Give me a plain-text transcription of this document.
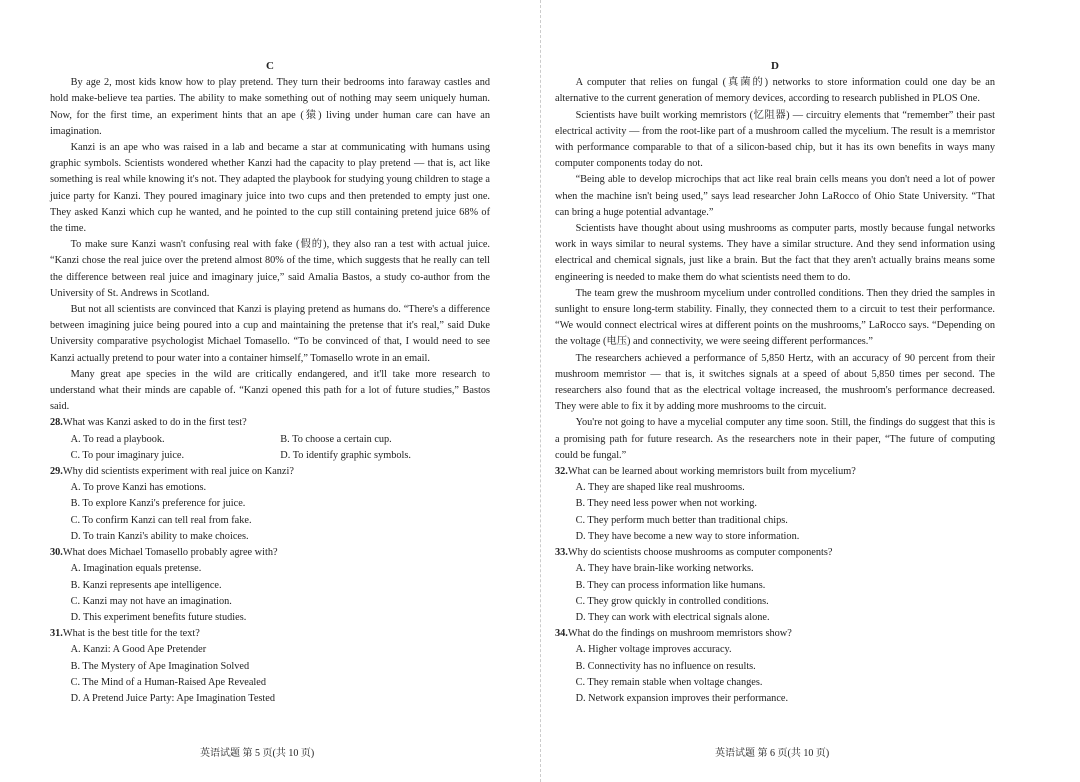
C

By age 2, most kids know how to play pretend. They turn their bedrooms into faraway castles and hold make-believe tea parties. The ability to make something out of nothing may seem uniquely human. Now, for the first time, an experiment hints that an ape (猿) living under human care can have an imagination.

Kanzi is an ape who was raised in a lab and became a star at communicating with humans using graphic symbols. Scientists wondered whether Kanzi had the capacity to play pretend — that is, act like something is real while knowing it's not. They adapted the playbook for studying young children to stage a juice party for Kanzi. They poured imaginary juice into two cups and then pretended to empty just one. They asked Kanzi which cup he wanted, and he pointed to the cup still containing pretend juice 68% of the time.

To make sure Kanzi wasn't confusing real with fake (假的), they also ran a test with actual juice. “Kanzi chose the real juice over the pretend almost 80% of the time, which suggests that he really can tell the difference between real juice and imaginary juice,” said Amalia Bastos, a study co-author from the University of St. Andrews in Scotland.

But not all scientists are convinced that Kanzi is playing pretend as humans do. “There's a difference between imagining juice being poured into a cup and maintaining the pretense that it's real,” said Duke University comparative psychologist Michael Tomasello. “To be convinced of that, I would need to see Kanzi actually pretend to pour water into a container himself,” Tomasello wrote in an email.

Many great ape species in the wild are critically endangered, and it'll take more research to understand what their minds are capable of. “Kanzi opened this path for a lot of future studies,” Bastos said.

28.What was Kanzi asked to do in the first test?

A. To read a playbook.	B. To choose a certain cup.
C. To pour imaginary juice.	D. To identify graphic symbols.

29.Why did scientists experiment with real juice on Kanzi?

A. To prove Kanzi has emotions.
B. To explore Kanzi's preference for juice.
C. To confirm Kanzi can tell real from fake.
D. To train Kanzi's ability to make choices.

30.What does Michael Tomasello probably agree with?

A. Imagination equals pretense.
B. Kanzi represents ape intelligence.
C. Kanzi may not have an imagination.
D. This experiment benefits future studies.

31.What is the best title for the text?

A. Kanzi: A Good Ape Pretender
B. The Mystery of Ape Imagination Solved
C. The Mind of a Human-Raised Ape Revealed
D. A Pretend Juice Party: Ape Imagination Tested
D

A computer that relies on fungal (真菌的) networks to store information could one day be an alternative to the current generation of memory devices, according to research published in PLOS One.

Scientists have built working memristors (忆阻器) — circuitry elements that “remember” their past electrical activity — from the root-like part of a mushroom called the mycelium. The result is a memristor with performance comparable to that of a silicon-based chip, but it has its own benefits in ways many computer components today do not.

“Being able to develop microchips that act like real brain cells means you don't need a lot of power when the machine isn't being used,” says lead researcher John LaRocco of Ohio State University. “That can bring a huge potential advantage.”

Scientists have thought about using mushrooms as computer parts, mostly because fungal networks work in ways similar to neural systems. They have a similar structure. And they send information using electrical and chemical signals, just like a brain. But the fact that they aren't actually brains means some engineering is needed to make them do what scientists need them to do.

The team grew the mushroom mycelium under controlled conditions. Then they dried the samples in sunlight to ensure long-term stability. Finally, they connected them to a circuit to test their performance. “We would connect electrical wires at different points on the mushrooms,” LaRocco says. “Depending on the voltage (电压) and connectivity, we were seeing different performances.”

The researchers achieved a performance of 5,850 Hertz, with an accuracy of 90 percent from their mushroom memristor — that is, it switches signals at a speed of about 5,850 times per second. The researchers also found that as the electrical voltage increased, the mushroom's performance decreased. They were able to fix it by adding more mushrooms to the circuit.

You're not going to have a mycelial computer any time soon. Still, the findings do suggest that this is a promising path for future research. As the researchers note in their paper, “The future of computing could be fungal.”

32.What can be learned about working memristors built from mycelium?

A. They are shaped like real mushrooms.
B. They need less power when not working.
C. They perform much better than traditional chips.
D. They have become a new way to store information.

33.Why do scientists choose mushrooms as computer components?

A. They have brain-like working networks.
B. They can process information like humans.
C. They grow quickly in controlled conditions.
D. They can work with electrical signals alone.

34.What do the findings on mushroom memristors show?

A. Higher voltage improves accuracy.
B. Connectivity has no influence on results.
C. They remain stable when voltage changes.
D. Network expansion improves their performance.
英语试题 第 5 页(共 10 页)	英语试题 第 6 页(共 10 页)
